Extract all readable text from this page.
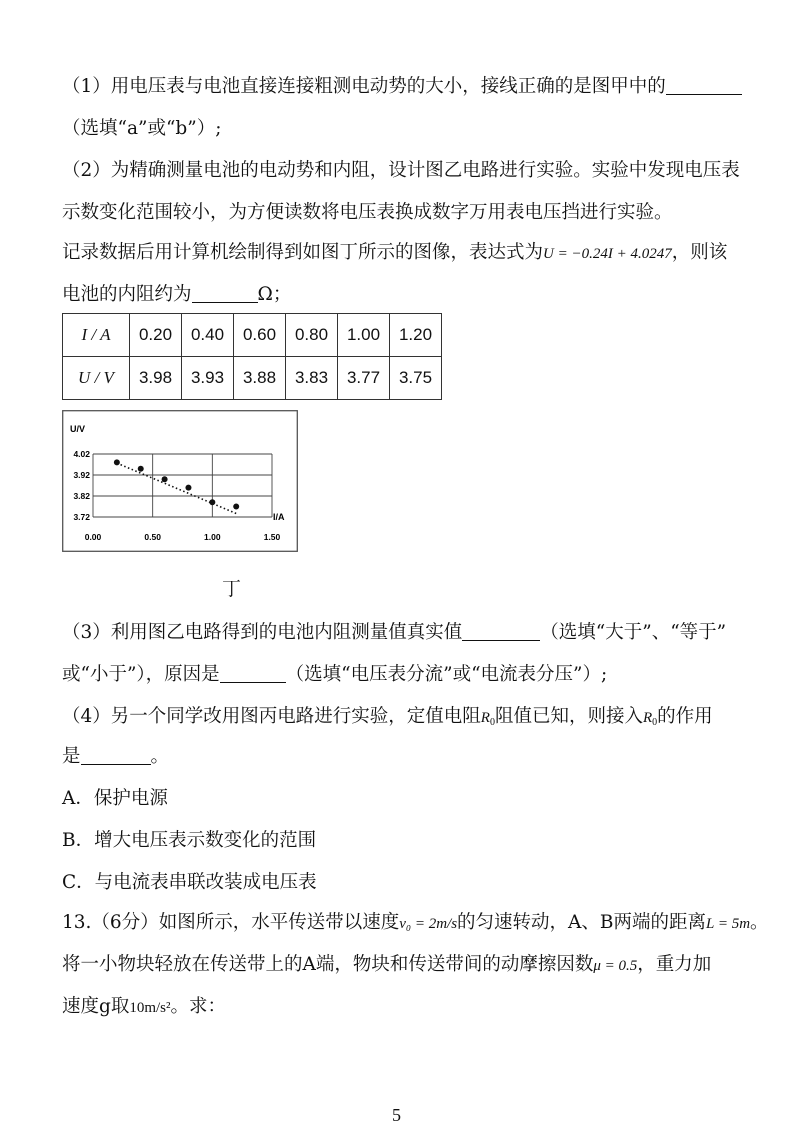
（1）用电压表与电池直接连接粗测电动势的大小，接线正确的是图甲中的
（选填“a”或“b”）;
（2）为精确测量电池的电动势和内阻，设计图乙电路进行实验。实验中发现电压表
示数变化范围较小，为方便读数将电压表换成数字万用表电压挡进行实验。
记录数据后用计算机绘制得到如图丁所示的图像，表达式为U = −0.24I + 4.0247，则该
电池的内阻约为	Ω；
I / A	0.20	0.40	0.60	0.80	1.00	1.20
U / V	3.98	3.93	3.88	3.83	3.77	3.75
0.00	0.50	1.00	1.50
4.02
3.92
3.82
3.72
U/V
I/A
丁
（3）利用图乙电路得到的电池内阻测量值真实值	（选填“大于”、“等于”
或“小于”），原因是	（选填“电压表分流”或“电流表分压”）;
（4）另一个同学改用图丙电路进行实验，定值电阻$R_0$阻值已知，则接入$R_0$的作用
是	。
A．保护电源
B．增大电压表示数变化的范围
C．与电流表串联改装成电压表
13.（6分）如图所示，水平传送带以速度v₀ = 2m/s的匀速转动，A、B两端的距离L = 5m。
将一小物块轻放在传送带上的A端，物块和传送带间的动摩擦因数μ = 0.5，重力加
速度g取10m/s²。求：
5
